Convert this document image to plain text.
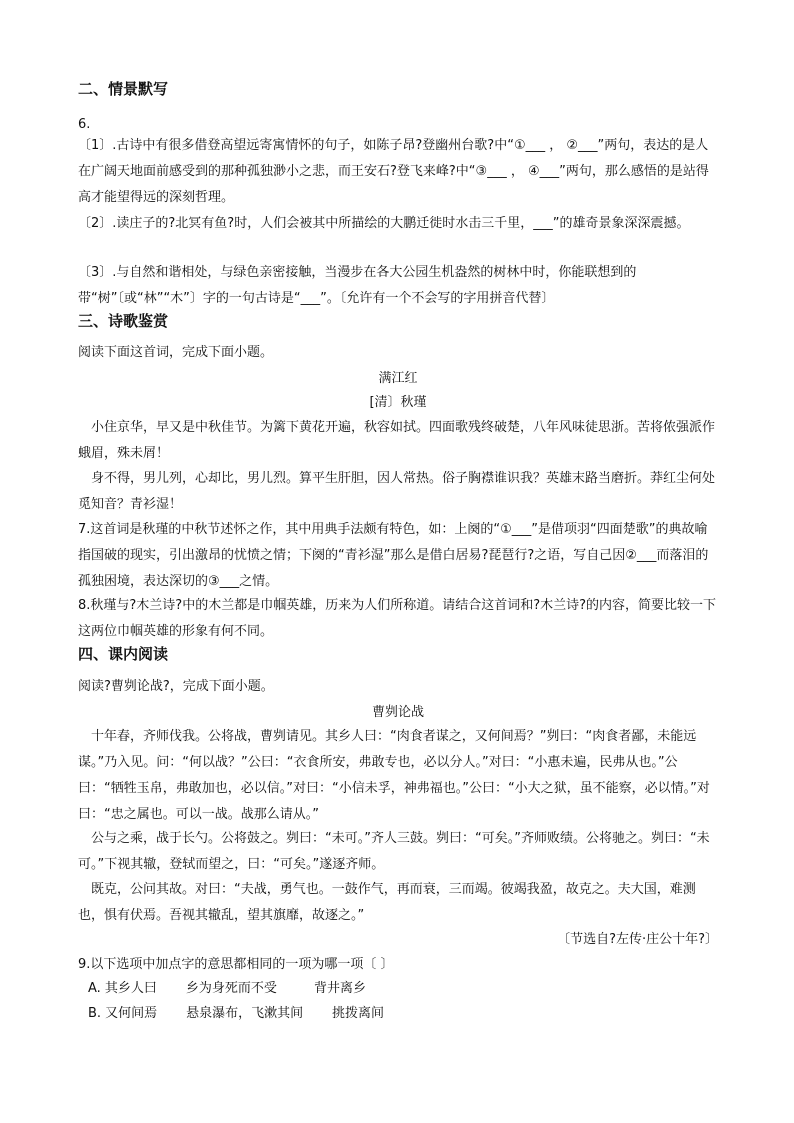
二、情景默写
6.
〔1〕.古诗中有很多借登高望远寄寓情怀的句子，如陈子昂?登幽州台歌?中“①___ ， ②___”两句，表达的是人在广阔天地面前感受到的那种孤独渺小之悲，而王安石?登飞来峰?中“③___ ， ④___”两句，那么感悟的是站得高才能望得远的深刻哲理。
〔2〕.读庄子的?北冥有鱼?时，人们会被其中所描绘的大鹏迁徙时水击三千里，___”的雄奇景象深深震撼。
〔3〕.与自然和谐相处，与绿色亲密接触，当漫步在各大公园生机盎然的树林中时，你能联想到的带“树”〔或“林”“木”〕字的一句古诗是“___”。〔允许有一个不会写的字用拼音代替〕
三、诗歌鉴赏
阅读下面这首词，完成下面小题。
满江红
[清〕秋瑾
小住京华，早又是中秋佳节。为篱下黄花开遍，秋容如拭。四面歌残终破楚，八年风味徒思浙。苦将侬强派作蛾眉，殊未屑！
身不得，男儿列，心却比，男儿烈。算平生肝胆，因人常热。俗子胸襟谁识我？英雄末路当磨折。莽红尘何处觅知音？青衫湿！
7.这首词是秋瑾的中秋节述怀之作，其中用典手法颇有特色，如：上阕的“①___”是借项羽“四面楚歌”的典故喻指国破的现实，引出激昂的忧愤之情；下阕的“青衫湿”那么是借白居易?琵琶行?之语，写自己因②___而落泪的孤独困境，表达深切的③___之情。
8.秋瑾与?木兰诗?中的木兰都是巾帼英雄，历来为人们所称道。请结合这首词和?木兰诗?的内容，简要比较一下这两位巾帼英雄的形象有何不同。
四、课内阅读
阅读?曹刿论战?，完成下面小题。
曹刿论战
十年春，齐师伐我。公将战，曹刿请见。其乡人曰：“肉食者谋之，又何间焉？”刿曰：“肉食者鄙，未能远谋。”乃入见。问：“何以战？”公曰：“衣食所安，弗敢专也，必以分人。”对曰：“小惠未遍，民弗从也。”公曰：“牺牲玉帛，弗敢加也，必以信。”对曰：“小信未孚，神弗福也。”公曰：“小大之狱，虽不能察，必以情。”对曰：“忠之属也。可以一战。战那么请从。”
公与之乘，战于长勺。公将鼓之。刿曰：“未可。”齐人三鼓。刿曰：“可矣。”齐师败绩。公将驰之。刿曰：“未可。”下视其辙，登轼而望之，曰：“可矣。”遂逐齐师。
既克，公问其故。对曰：“夫战，勇气也。一鼓作气，再而衰，三而竭。彼竭我盈，故克之。夫大国，难测也，惧有伏焉。吾视其辙乱，望其旗靡，故逐之。”
〔节选自?左传·庄公十年?〕
9.以下选项中加点字的意思都相同的一项为哪一项〔 〕
A. 其乡人曰       乡为身死而不受         背井离乡
B. 又何间焉       悬泉瀑布，飞漱其间       挑拨离间
